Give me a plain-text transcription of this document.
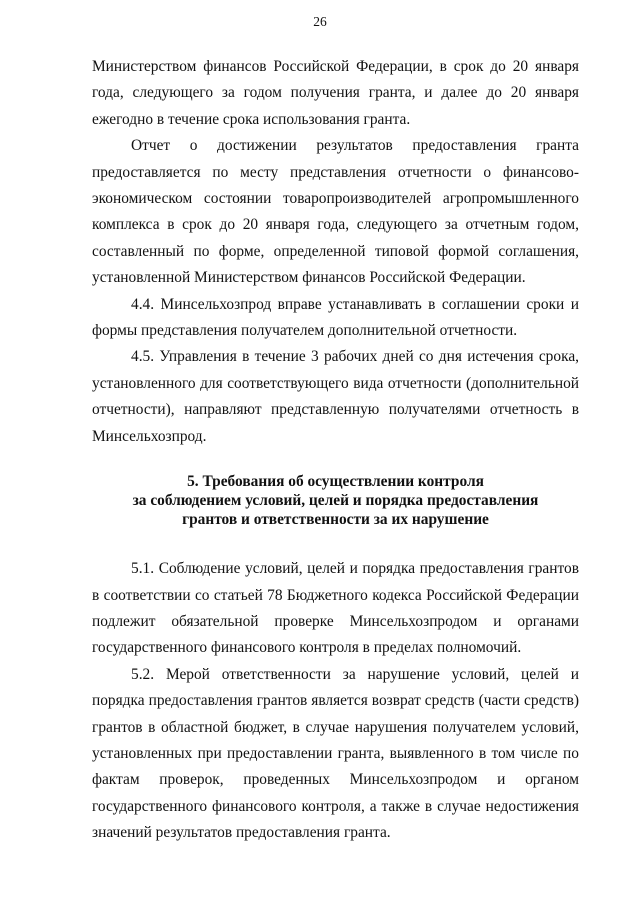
26

Министерством финансов Российской Федерации, в срок до 20 января года, следующего за годом получения гранта, и далее до 20 января ежегодно в течение срока использования гранта.

Отчет о достижении результатов предоставления гранта предоставляется по месту представления отчетности о финансово-экономическом состоянии товаропроизводителей агропромышленного комплекса в срок до 20 января года, следующего за отчетным годом, составленный по форме, определенной типовой формой соглашения, установленной Министерством финансов Российской Федерации.

4.4. Минсельхозпрод вправе устанавливать в соглашении сроки и формы представления получателем дополнительной отчетности.

4.5. Управления в течение 3 рабочих дней со дня истечения срока, установленного для соответствующего вида отчетности (дополнительной отчетности), направляют представленную получателями отчетность в Минсельхозпрод.

5. Требования об осуществлении контроля
за соблюдением условий, целей и порядка предоставления
грантов и ответственности за их нарушение

5.1. Соблюдение условий, целей и порядка предоставления грантов в соответствии со статьей 78 Бюджетного кодекса Российской Федерации подлежит обязательной проверке Минсельхозпродом и органами государственного финансового контроля в пределах полномочий.

5.2. Мерой ответственности за нарушение условий, целей и порядка предоставления грантов является возврат средств (части средств) грантов в областной бюджет, в случае нарушения получателем условий, установленных при предоставлении гранта, выявленного в том числе по фактам проверок, проведенных Минсельхозпродом и органом государственного финансового контроля, а также в случае недостижения значений результатов предоставления гранта.
